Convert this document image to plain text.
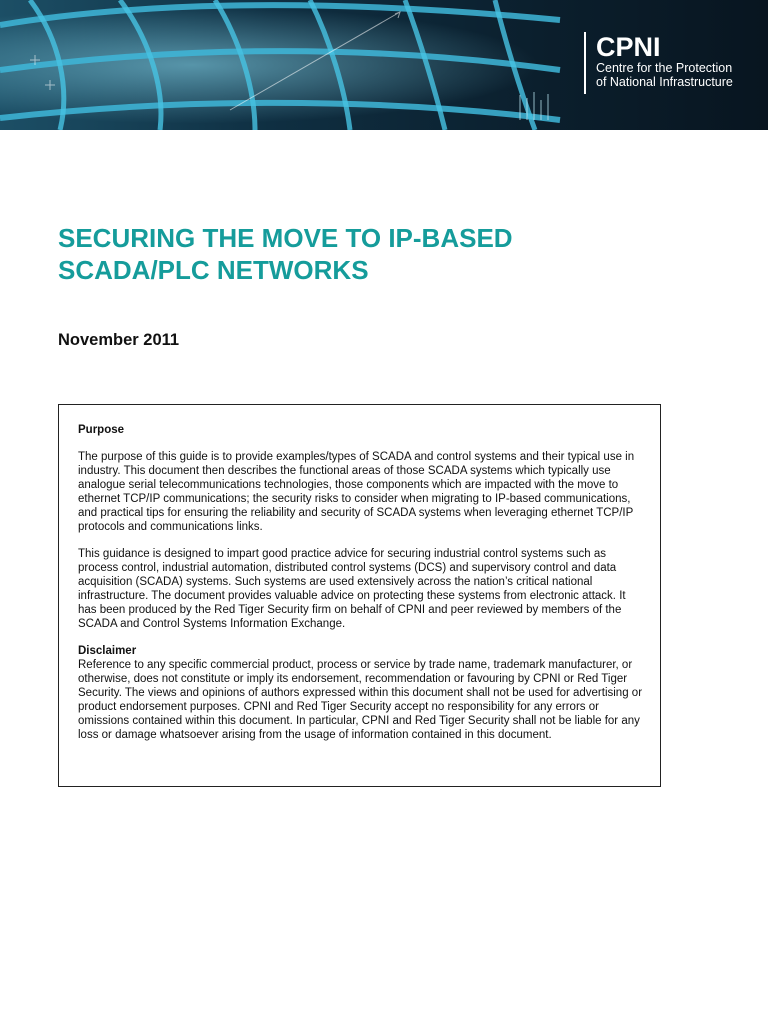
CPNI
Centre for the Protection
of National Infrastructure
SECURING THE MOVE TO IP-BASED
SCADA/PLC NETWORKS

November 2011

Purpose

The purpose of this guide is to provide examples/types of SCADA and control systems and their typical use in industry. This document then describes the functional areas of those SCADA systems which typically use analogue serial telecommunications technologies, those components which are impacted with the move to ethernet TCP/IP communications; the security risks to consider when migrating to IP-based communications, and practical tips for ensuring the reliability and security of SCADA systems when leveraging ethernet TCP/IP protocols and communications links.

This guidance is designed to impart good practice advice for securing industrial control systems such as process control, industrial automation, distributed control systems (DCS) and supervisory control and data acquisition (SCADA) systems. Such systems are used extensively across the nation’s critical national infrastructure. The document provides valuable advice on protecting these systems from electronic attack. It has been produced by the Red Tiger Security firm on behalf of CPNI and peer reviewed by members of the SCADA and Control Systems Information Exchange.

Disclaimer

Reference to any specific commercial product, process or service by trade name, trademark manufacturer, or otherwise, does not constitute or imply its endorsement, recommendation or favouring by CPNI or Red Tiger Security. The views and opinions of authors expressed within this document shall not be used for advertising or product endorsement purposes. CPNI and Red Tiger Security accept no responsibility for any errors or omissions contained within this document. In particular, CPNI and Red Tiger Security shall not be liable for any loss or damage whatsoever arising from the usage of information contained in this document.
